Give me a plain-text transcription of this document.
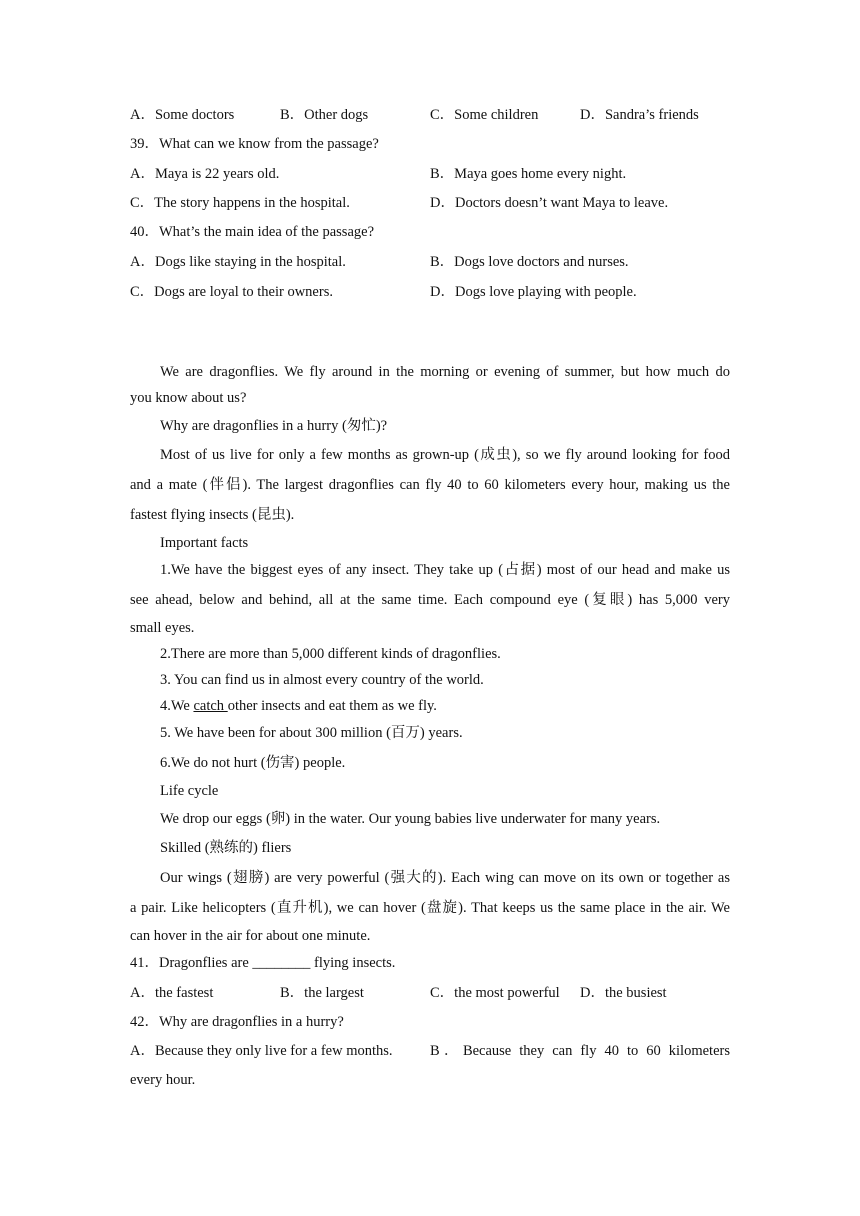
A．Some doctors	B．Other dogs	C．Some children	D．Sandra’s friends
39．What can we know from the passage?
A．Maya is 22 years old.	B．Maya goes home every night.
C．The story happens in the hospital.	D．Doctors doesn’t want Maya to leave.
40．What’s the main idea of the passage?
A．Dogs like staying in the hospital.	B．Dogs love doctors and nurses.
C．Dogs are loyal to their owners.	D．Dogs love playing with people.
We are dragonflies. We fly around in the morning or evening of summer, but how much do
you know about us?
Why are dragonflies in a hurry (匆忙)?
Most of us live for only a few months as grown-up (成虫), so we fly around looking for food
and a mate (伴侣). The largest dragonflies can fly 40 to 60 kilometers every hour, making us the
fastest flying insects (昆虫).
Important facts
1.We have the biggest eyes of any insect. They take up (占据) most of our head and make us
see ahead, below and behind, all at the same time. Each compound eye (复眼) has 5,000 very
small eyes.
2.There are more than 5,000 different kinds of dragonflies.
3. You can find us in almost every country of the world.
4.We catch other insects and eat them as we fly.
5. We have been for about 300 million (百万) years.
6.We do not hurt (伤害) people.
Life cycle
We drop our eggs (卵) in the water. Our young babies live underwater for many years.
Skilled (熟练的) fliers
Our wings (翅膀) are very powerful (强大的). Each wing can move on its own or together as
a pair. Like helicopters (直升机), we can hover (盘旋). That keeps us the same place in the air. We
can hover in the air for about one minute.
41．Dragonflies are ________ flying insects.
A．the fastest	B．the largest	C．the most powerful D．the busiest
42．Why are dragonflies in a hurry?
A．Because they only live for a few months.	B．Because they can fly 40 to 60 kilometers
every hour.
